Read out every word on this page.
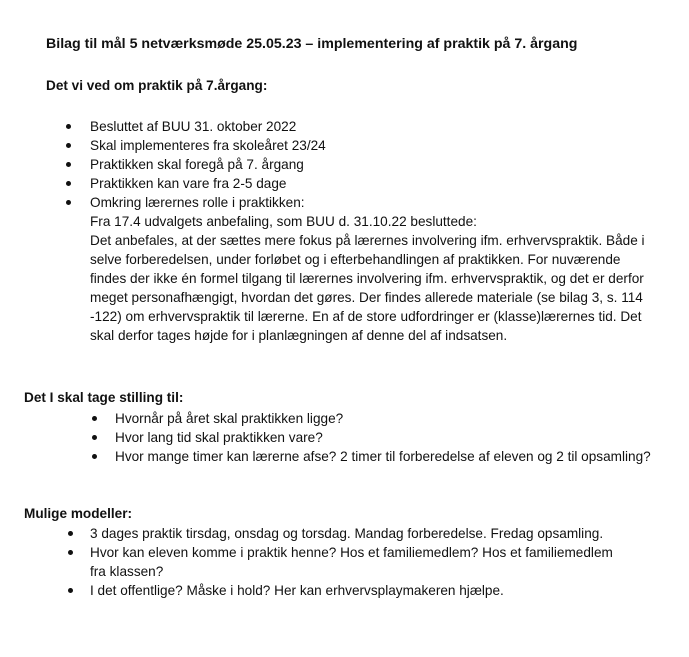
Bilag til mål 5 netværksmøde 25.05.23 – implementering af praktik på 7. årgang
Det vi ved om praktik på 7.årgang:
Besluttet af BUU 31. oktober 2022
Skal implementeres fra skoleåret 23/24
Praktikken skal foregå på 7. årgang
Praktikken kan vare fra 2-5 dage
Omkring lærernes rolle i praktikken:
Fra 17.4 udvalgets anbefaling, som BUU d. 31.10.22 besluttede:
Det anbefales, at der sættes mere fokus på lærernes involvering ifm. erhvervspraktik. Både i selve forberedelsen, under forløbet og i efterbehandlingen af praktikken. For nuværende findes der ikke én formel tilgang til lærernes involvering ifm. erhvervspraktik, og det er derfor meget personafhængigt, hvordan det gøres. Der findes allerede materiale (se bilag 3, s. 114 -122) om erhvervspraktik til lærerne. En af de store udfordringer er (klasse)lærernes tid. Det skal derfor tages højde for i planlægningen af denne del af indsatsen.
Det I skal tage stilling til:
Hvornår på året skal praktikken ligge?
Hvor lang tid skal praktikken vare?
Hvor mange timer kan lærerne afse? 2 timer til forberedelse af eleven og 2 til opsamling?
Mulige modeller:
3 dages praktik tirsdag, onsdag og torsdag. Mandag forberedelse. Fredag opsamling.
Hvor kan eleven komme i praktik henne? Hos et familiemedlem? Hos et familiemedlem fra klassen?
I det offentlige? Måske i hold? Her kan erhvervsplaymakeren hjælpe.
